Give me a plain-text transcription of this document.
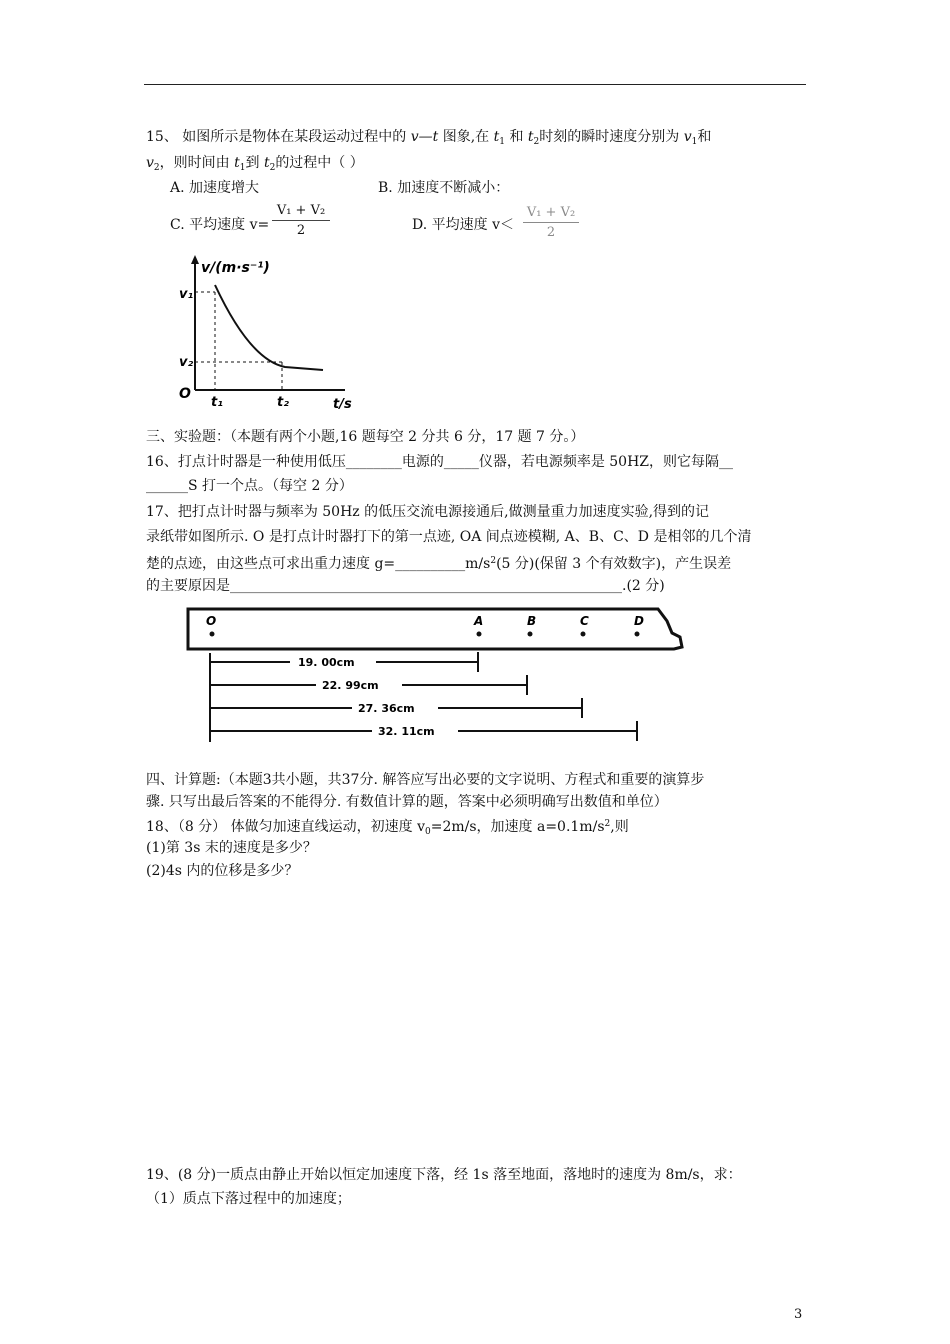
15、 如图所示是物体在某段运动过程中的 v—t 图象,在 $t_1$ 和 $t_2$时刻的瞬时速度分别为 $v_1$和
$v_2$，则时间由 $t_1$到 $t_2$的过程中（ ）
A. 加速度增大	B. 加速度不断减小：
C. 平均速度 v=
V₁ + V₂
2	D. 平均速度 v＜
V₁ + V₂
2
v/(m·s⁻¹)
v₁
v₂
O
t₁	t₂	t/s
三、实验题：（本题有两个小题,16 题每空 2 分共 6 分，17 题 7 分。）
16、打点计时器是一种使用低压________电源的_____仪器，若电源频率是 50HZ，则它每隔__
______S 打一个点。（每空 2 分）
17、把打点计时器与频率为 50Hz 的低压交流电源接通后,做测量重力加速度实验,得到的记
录纸带如图所示. O 是打点计时器打下的第一点迹, OA 间点迹模糊, A、B、C、D 是相邻的几个清
楚的点迹，由这些点可求出重力速度 $g=\_\_\_\_\_\_\_\_\_\_m/s^2(5$ 分)(保留 3 个有效数字)，产生误差
的主要原因是________________________________________________________.(2 分)
O	A	B	C	D
19. 00cm
22. 99cm
27. 36cm
32. 11cm
四、计算题:（本题3共小题，共37分. 解答应写出必要的文字说明、方程式和重要的演算步
骤. 只写出最后答案的不能得分. 有数值计算的题，答案中必须明确写出数值和单位）
18、（8 分） 体做匀加速直线运动，初速度 $v_0=2m/s$，加速度 $a=0.1m/s^2$,则
(1)第 3s 末的速度是多少？
(2)4s 内的位移是多少？
19、(8 分)一质点由静止开始以恒定加速度下落，经 1s 落至地面，落地时的速度为 8m/s，求：
（1）质点下落过程中的加速度；
3
